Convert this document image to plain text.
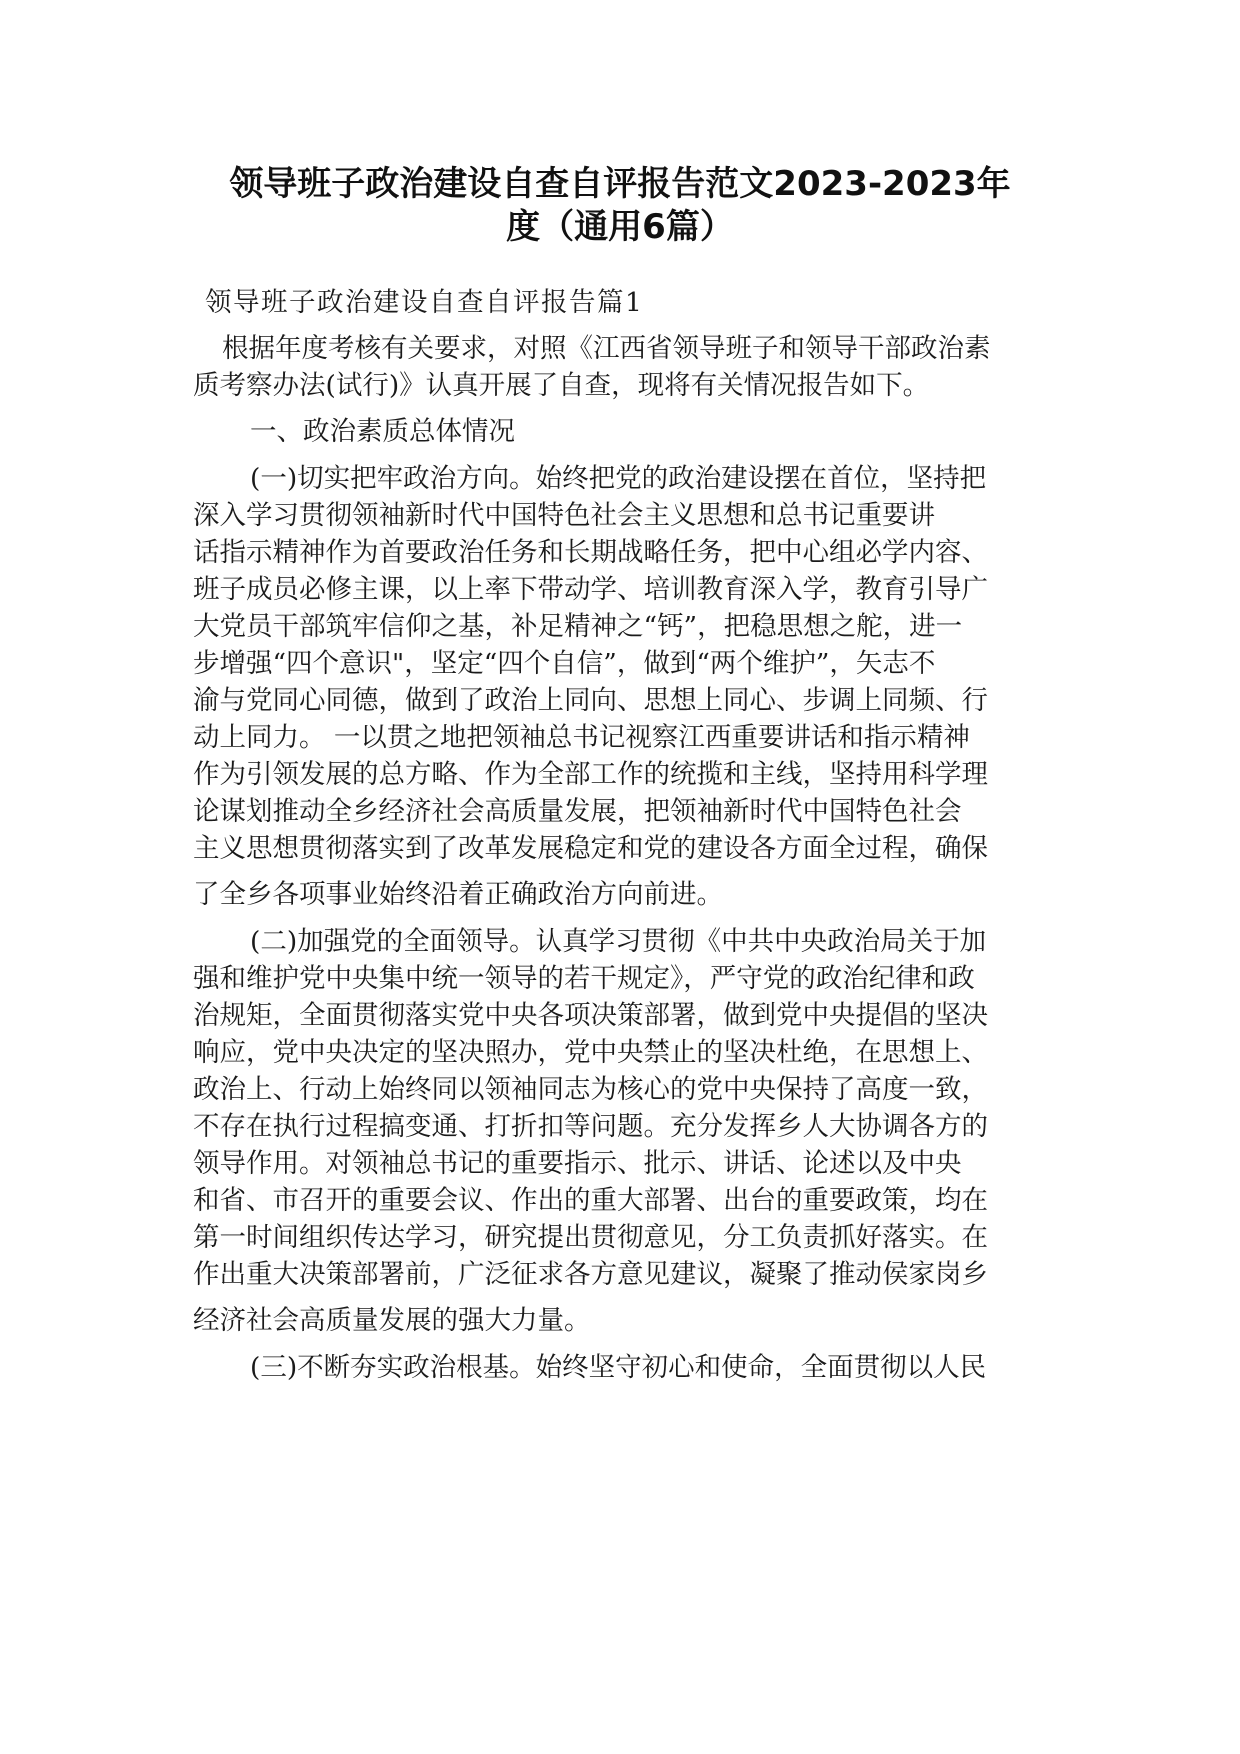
领导班子政治建设自查自评报告范文2023-2023年
度（通用6篇）
领导班子政治建设自查自评报告篇1
根据年度考核有关要求，对照《江西省领导班子和领导干部政治素
质考察办法(试行)》认真开展了自查，现将有关情况报告如下。
一、政治素质总体情况
(一)切实把牢政治方向。始终把党的政治建设摆在首位，坚持把
深入学习贯彻领袖新时代中国特色社会主义思想和总书记重要讲
话指示精神作为首要政治任务和长期战略任务，把中心组必学内容、
班子成员必修主课，以上率下带动学、培训教育深入学，教育引导广
大党员干部筑牢信仰之基，补足精神之“钙”，把稳思想之舵，进一
步增强“四个意识"，坚定“四个自信”，做到“两个维护”，矢志不
渝与党同心同德，做到了政治上同向、思想上同心、步调上同频、行
动上同力。 一以贯之地把领袖总书记视察江西重要讲话和指示精神
作为引领发展的总方略、作为全部工作的统揽和主线，坚持用科学理
论谋划推动全乡经济社会高质量发展，把领袖新时代中国特色社会
主义思想贯彻落实到了改革发展稳定和党的建设各方面全过程，确保
了全乡各项事业始终沿着正确政治方向前进。
(二)加强党的全面领导。认真学习贯彻《中共中央政治局关于加
强和维护党中央集中统一领导的若干规定》，严守党的政治纪律和政
治规矩，全面贯彻落实党中央各项决策部署，做到党中央提倡的坚决
响应，党中央决定的坚决照办，党中央禁止的坚决杜绝，在思想上、
政治上、行动上始终同以领袖同志为核心的党中央保持了高度一致，
不存在执行过程搞变通、打折扣等问题。充分发挥乡人大协调各方的
领导作用。对领袖总书记的重要指示、批示、讲话、论述以及中央
和省、市召开的重要会议、作出的重大部署、出台的重要政策，均在
第一时间组织传达学习，研究提出贯彻意见，分工负责抓好落实。在
作出重大决策部署前，广泛征求各方意见建议，凝聚了推动侯家岗乡
经济社会高质量发展的强大力量。
(三)不断夯实政治根基。始终坚守初心和使命，全面贯彻以人民
